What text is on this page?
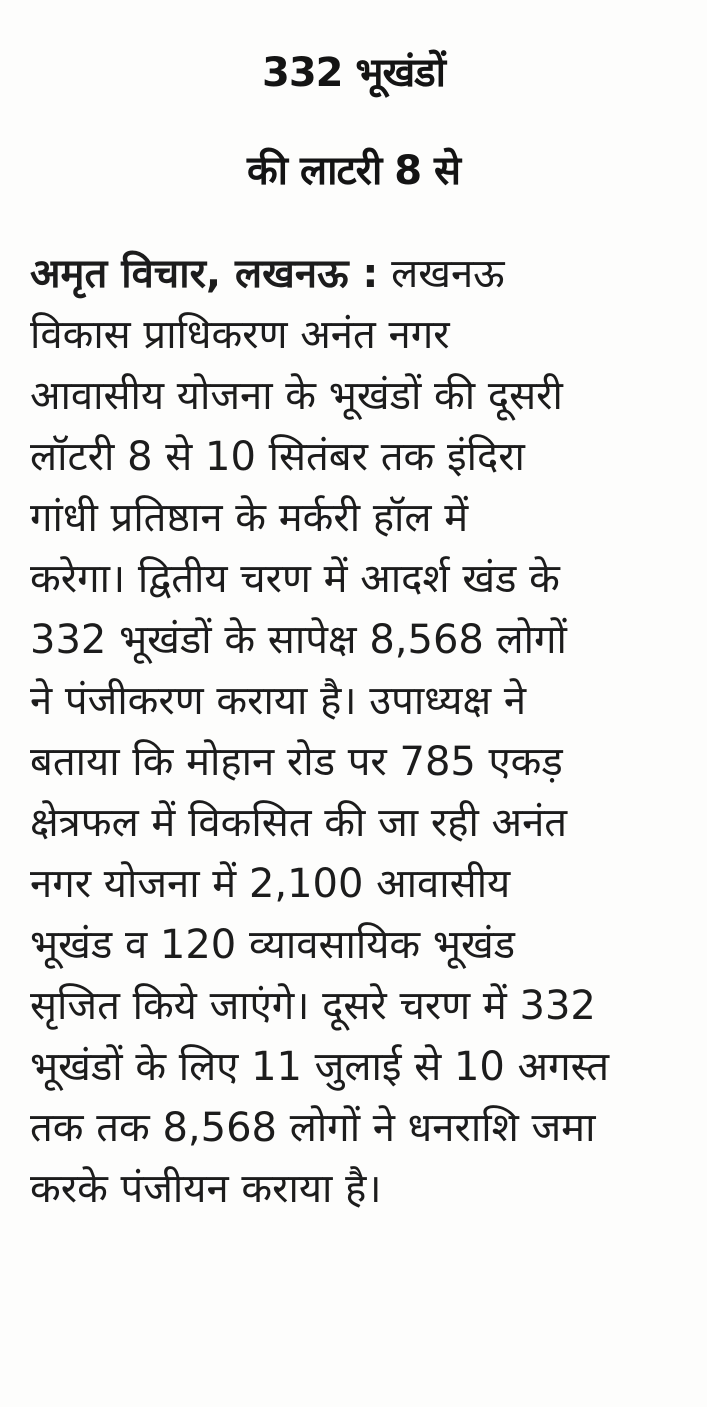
332 भूखंडों
की लाटरी 8 से
अमृत विचार, लखनऊ : लखनऊ
विकास प्राधिकरण अनंत नगर
आवासीय योजना के भूखंडों की दूसरी
लॉटरी 8 से 10 सितंबर तक इंदिरा
गांधी प्रतिष्ठान के मर्करी हॉल में
करेगा। द्वितीय चरण में आदर्श खंड के
332 भूखंडों के सापेक्ष 8,568 लोगों
ने पंजीकरण कराया है। उपाध्यक्ष ने
बताया कि मोहान रोड पर 785 एकड़
क्षेत्रफल में विकसित की जा रही अनंत
नगर योजना में 2,100 आवासीय
भूखंड व 120 व्यावसायिक भूखंड
सृजित किये जाएंगे। दूसरे चरण में 332
भूखंडों के लिए 11 जुलाई से 10 अगस्त
तक तक 8,568 लोगों ने धनराशि जमा
करके पंजीयन कराया है।
